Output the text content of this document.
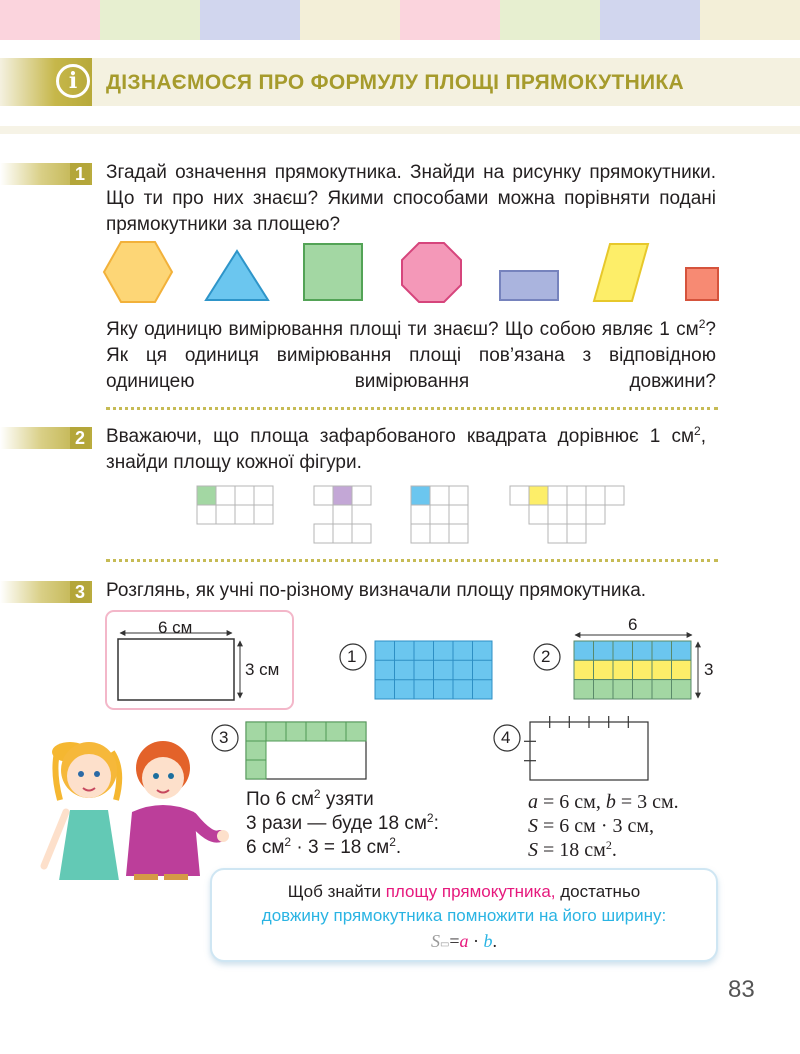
i	ДІЗНАЄМОСЯ ПРО ФОРМУЛУ ПЛОЩІ ПРЯМОКУТНИКА
1 Згадай означення прямокутника. Знайди на рисунку прямокутники. Що ти про них знаєш? Якими способами можна порівняти подані прямокутники за площею?

Яку одиницю вимірювання площі ти знаєш? Що собою являє 1 $см^2$? Як ця одиниця вимірювання площі пов’язана з відповідною одиницею вимірювання довжини?

2 Вважаючи, що площа зафарбованого квадрата дорівнює 1 $см^2$, знайди площу кожної фігури.

3 Розглянь, як учні по-різному визначали площу прямокутника.

6 см
3 см
1	2
3	4
6
3
По 6 $см^2$ узяти
3 рази — буде 18 $см^2$:
6 $см^2 \cdot 3 = 18$ $см^2$.
a = 6 см, b = 3 см.
S = 6 см · 3 см,
S = 18 $см^2$.
Щоб знайти площу прямокутника, достатньо
довжину прямокутника помножити на його ширину:
S▭=a · b.
83
